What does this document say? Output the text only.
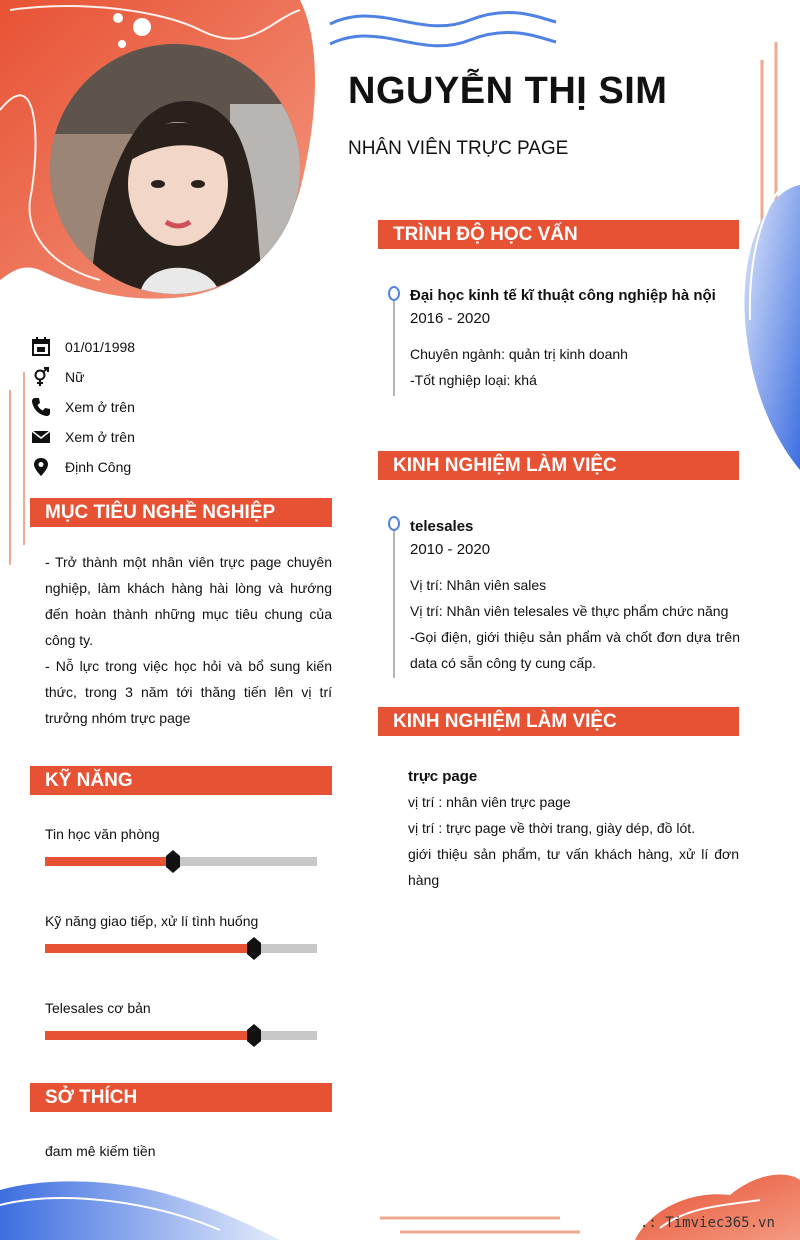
NGUYỄN THỊ SIM
NHÂN VIÊN TRỰC PAGE
01/01/1998
Nữ
Xem ở trên
Xem ở trên
Định Công
MỤC TIÊU NGHỀ NGHIỆP
- Trở thành một nhân viên trực page chuyên nghiệp, làm khách hàng hài lòng và hướng đến hoàn thành những mục tiêu chung của công ty.
- Nỗ lực trong việc học hỏi và bổ sung kiến thức, trong 3 năm tới thăng tiến lên vị trí trưởng nhóm trực page
KỸ NĂNG
Tin học văn phòng
Kỹ năng giao tiếp, xử lí tình huống
Telesales cơ bản
SỞ THÍCH
đam mê kiếm tiền
TRÌNH ĐỘ HỌC VẤN
Đại học kinh tế kĩ thuật công nghiệp hà nội
2016 - 2020
Chuyên ngành: quản trị kinh doanh
-Tốt nghiệp loại: khá
KINH NGHIỆM LÀM VIỆC
telesales
2010 - 2020
Vị trí: Nhân viên sales
Vị trí: Nhân viên telesales về thực phẩm chức năng
-Gọi điện, giới thiệu sản phẩm và chốt đơn dựa trên data có sẵn công ty cung cấp.
KINH NGHIỆM LÀM VIỆC
trực page
vị trí : nhân viên trực page
vị trí : trực page về thời trang, giày dép, đồ lót.
giới thiệu sản phẩm, tư vấn khách hàng, xử lí đơn hàng
.: Timviec365.vn
